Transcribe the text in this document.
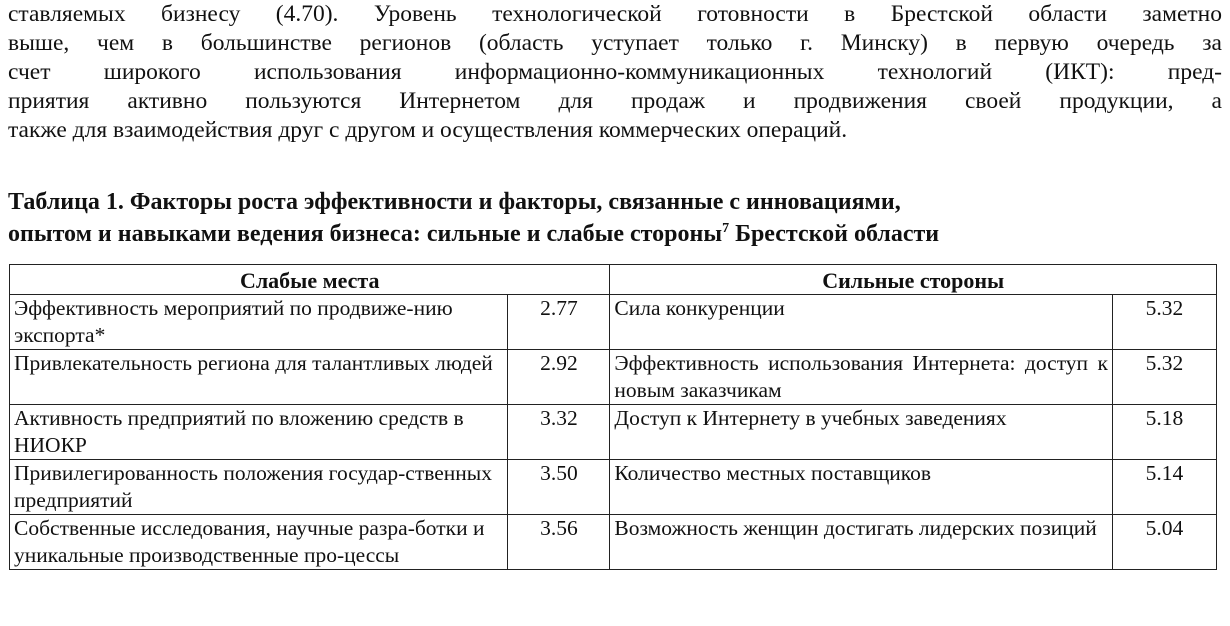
ставляемых бизнесу (4.70). Уровень технологической готовности в Брестской области заметно
выше, чем в большинстве регионов (область уступает только г. Минску) в первую очередь за
счет широкого использования информационно-коммуникационных технологий (ИКТ): пред-
приятия активно пользуются Интернетом для продаж и продвижения своей продукции, а
также для взаимодействия друг с другом и осуществления коммерческих операций.
Таблица 1. Факторы роста эффективности и факторы, связанные с инновациями,
опытом и навыками ведения бизнеса: сильные и слабые стороны$^7$ Брестской области
Слабые места		Сильные стороны	
Эффективность мероприятий по продвиже-нию экспорта*	2.77	Сила конкуренции	5.32
Привлекательность региона для талантливых людей	2.92	Эффективность использования Интернета: доступ к новым заказчикам	5.32
Активность предприятий по вложению средств в НИОКР	3.32	Доступ к Интернету в учебных заведениях	5.18
Привилегированность положения государ-ственных предприятий	3.50	Количество местных поставщиков	5.14
Собственные исследования, научные разра-ботки и уникальные производственные про-цессы	3.56	Возможность женщин достигать лидерских позиций	5.04
